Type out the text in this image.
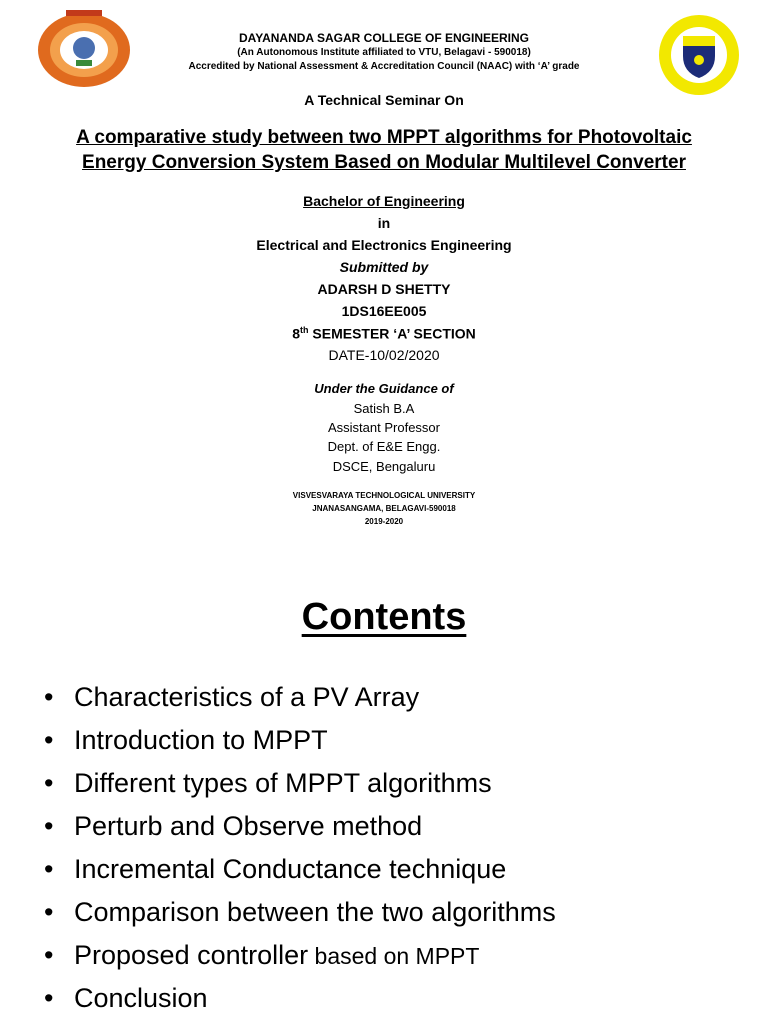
DAYANANDA SAGAR COLLEGE OF ENGINEERING
(An Autonomous Institute affiliated to VTU, Belagavi - 590018)
Accredited by National Assessment & Accreditation Council (NAAC) with ‘A’ grade
A Technical Seminar On
A comparative study between two MPPT algorithms for Photovoltaic
Energy Conversion System Based on Modular Multilevel Converter
Bachelor of Engineering
in
Electrical and Electronics Engineering
Submitted by
ADARSH D SHETTY
1DS16EE005
8th SEMESTER ‘A’ SECTION
DATE-10/02/2020
Under the Guidance of
Satish B.A
Assistant Professor
Dept. of E&E Engg.
DSCE, Bengaluru
VISVESVARAYA TECHNOLOGICAL UNIVERSITY
JNANASANGAMA, BELAGAVI-590018
2019-2020
Contents
• Characteristics of a PV Array
• Introduction to MPPT
• Different types of MPPT algorithms
• Perturb and Observe method
• Incremental Conductance technique
• Comparison between the two algorithms
• Proposed controller based on MPPT
• Conclusion
